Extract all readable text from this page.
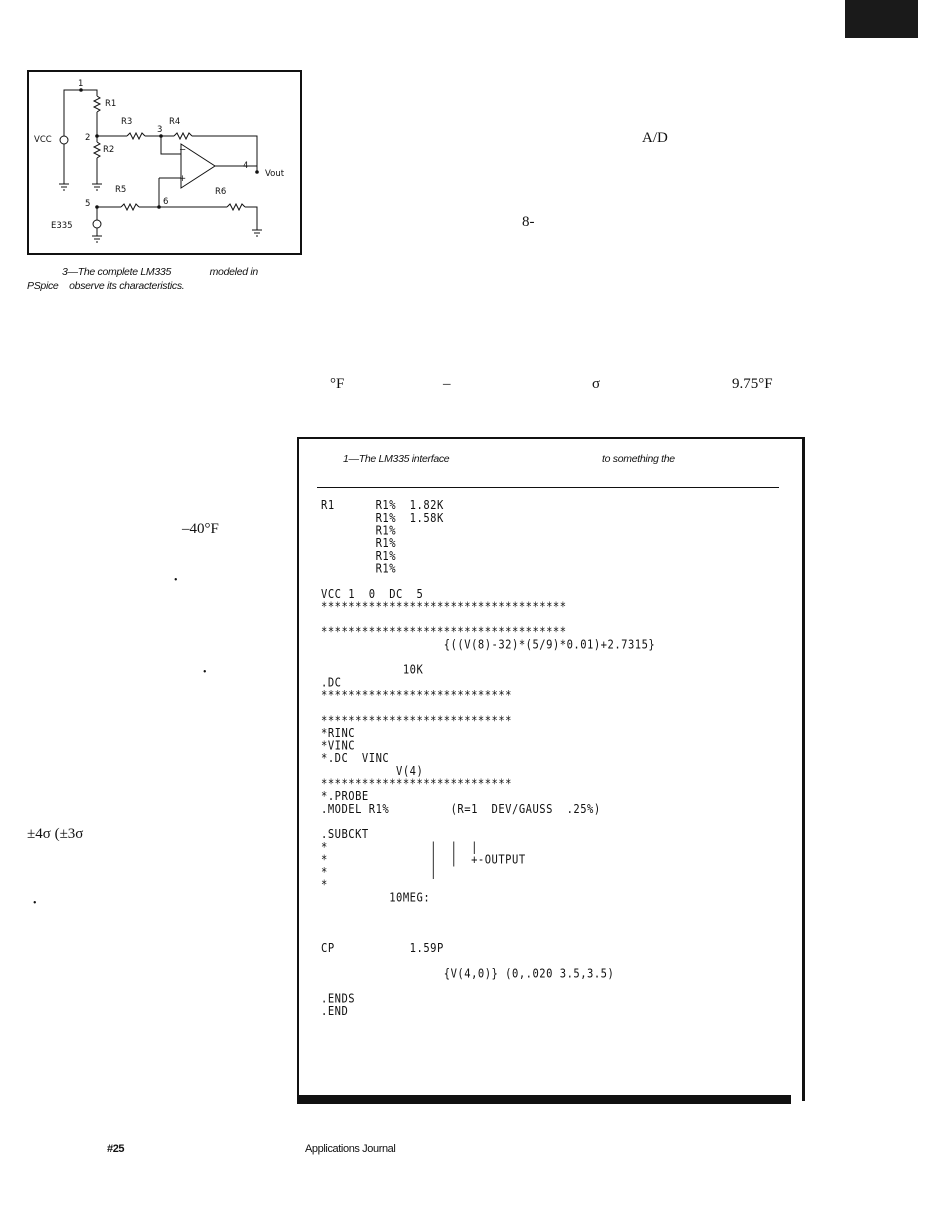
1
R1
R3	R4
3
2
VCC
R2
4
Vout
R5	R6
5	6
E335
−
+
3—The complete LM335	modeled in
PSpice observe its characteristics.
A/D
8-
°F	–	σ	9.75°F
–40°F
•
•
±4σ (±3σ
•
1—The LM335 interface	to something the
R1      R1%  1.82K
R1%  1.58K
R1%
R1%
R1%
R1%

VCC 1  0  DC  5
************************************

************************************
{((V(8)-32)*(5/9)*0.01)+2.7315}

10K
.DC
****************************

****************************
*RINC
*VINC
*.DC  VINC
V(4)
****************************
*.PROBE
.MODEL R1%         (R=1  DEV/GAUSS  .25%)

.SUBCKT
*               |  |  |
*               |  |  +-OUTPUT
*               |
*
10MEG:

CP           1.59P

{V(4,0)} (0,.020 3.5,3.5)

.ENDS
.END
#25	Applications Journal
